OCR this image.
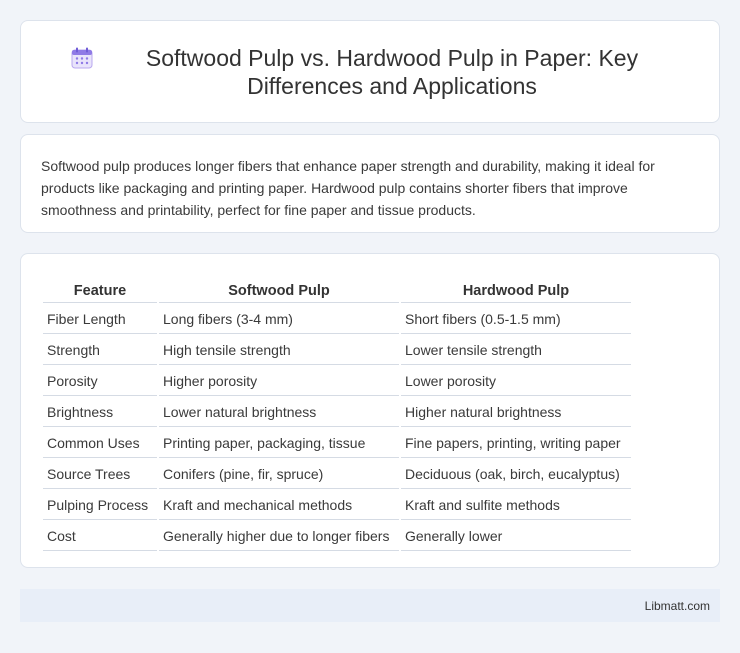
Softwood Pulp vs. Hardwood Pulp in Paper: Key Differences and Applications

Softwood pulp produces longer fibers that enhance paper strength and durability, making it ideal for products like packaging and printing paper. Hardwood pulp contains shorter fibers that improve smoothness and printability, perfect for fine paper and tissue products.

Feature	Softwood Pulp	Hardwood Pulp
Fiber Length	Long fibers (3-4 mm)	Short fibers (0.5-1.5 mm)
Strength	High tensile strength	Lower tensile strength
Porosity	Higher porosity	Lower porosity
Brightness	Lower natural brightness	Higher natural brightness
Common Uses	Printing paper, packaging, tissue	Fine papers, printing, writing paper
Source Trees	Conifers (pine, fir, spruce)	Deciduous (oak, birch, eucalyptus)
Pulping Process	Kraft and mechanical methods	Kraft and sulfite methods
Cost	Generally higher due to longer fibers	Generally lower
Libmatt.com
